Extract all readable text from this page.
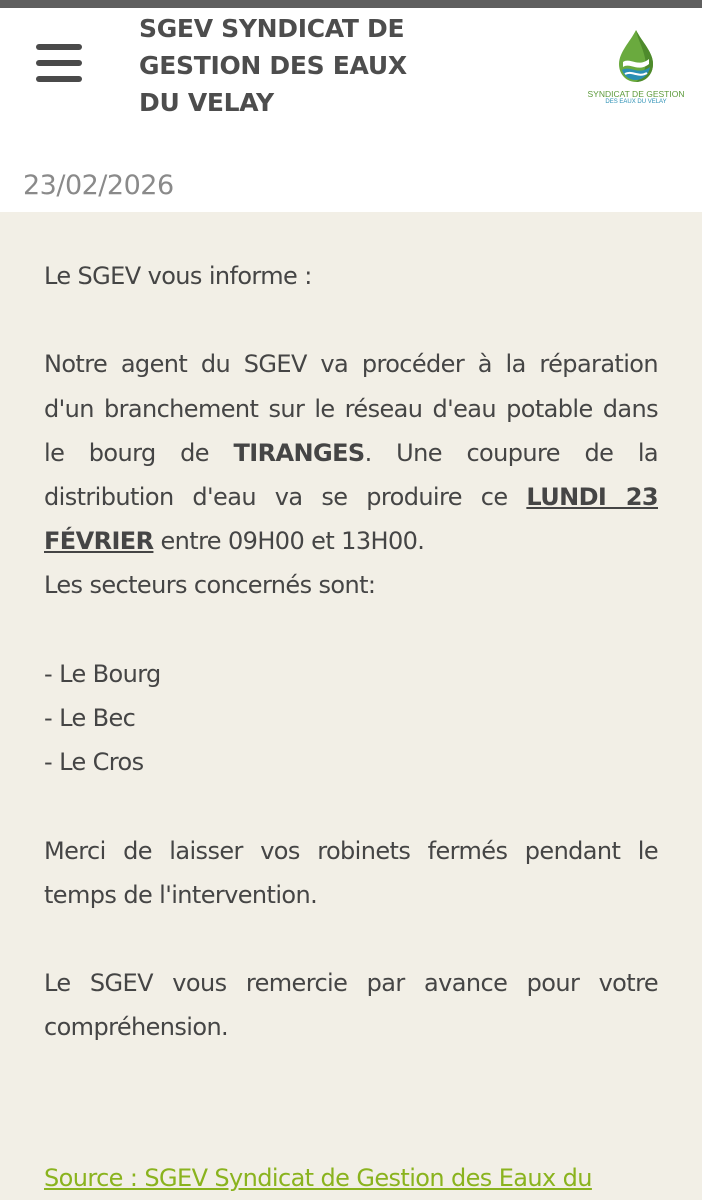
SGEV SYNDICAT DE GESTION DES EAUX DU VELAY	SYNDICAT DE GESTION
DES EAUX DU VELAY
23/02/2026

Le SGEV vous informe :

Notre agent du SGEV va procéder à la réparation d'un branchement sur le réseau d'eau potable dans le bourg de TIRANGES. Une coupure de la distribution d'eau va se produire ce LUNDI 23 FÉVRIER entre 09H00 et 13H00.

Les secteurs concernés sont:

- Le Bourg

- Le Bec

- Le Cros

Merci de laisser vos robinets fermés pendant le temps de l'intervention.

Le SGEV vous remercie par avance pour votre compréhension.

Source : SGEV Syndicat de Gestion des Eaux du
